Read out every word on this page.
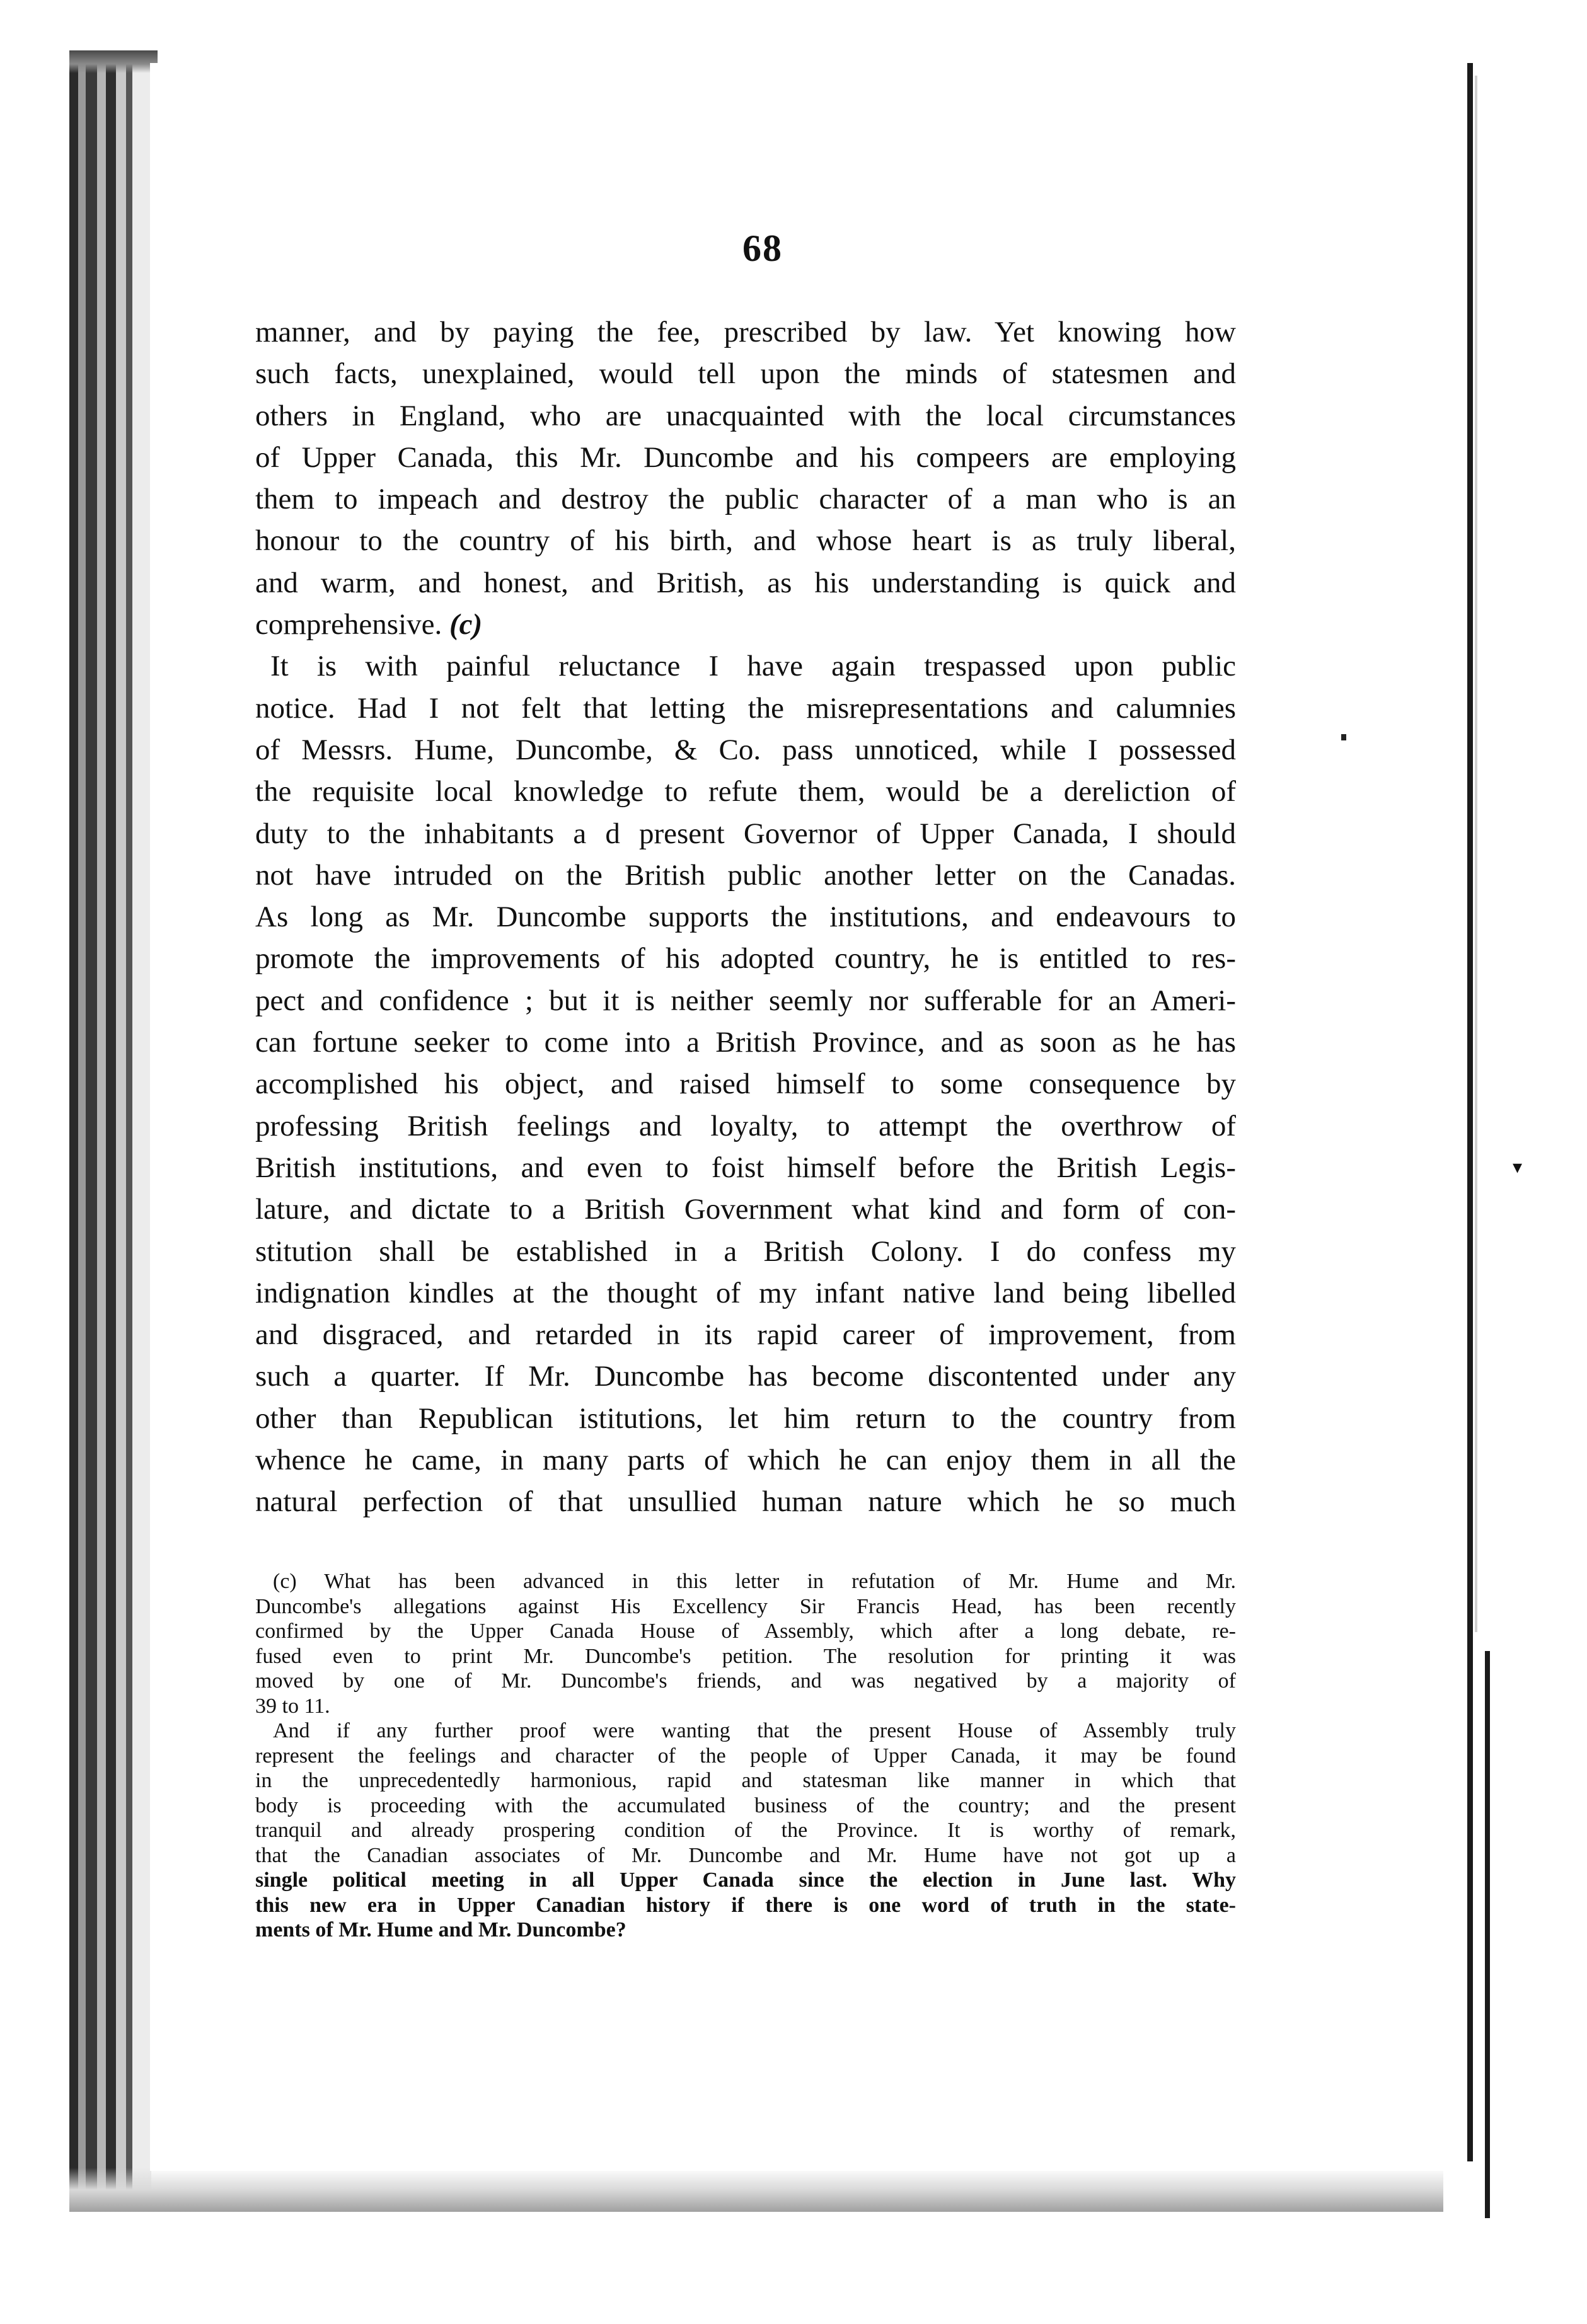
▾
68
manner, and by paying the fee, prescribed by law. Yet knowing how
such facts, unexplained, would tell upon the minds of statesmen and
others in England, who are unacquainted with the local circumstances
of Upper Canada, this Mr. Duncombe and his compeers are employing
them to impeach and destroy the public character of a man who is an
honour to the country of his birth, and whose heart is as truly liberal,
and warm, and honest, and British, as his understanding is quick and
comprehensive. (c)
It is with painful reluctance I have again trespassed upon public
notice. Had I not felt that letting the misrepresentations and calumnies
of Messrs. Hume, Duncombe, & Co. pass unnoticed, while I possessed
the requisite local knowledge to refute them, would be a dereliction of
duty to the inhabitants a d present Governor of Upper Canada, I should
not have intruded on the British public another letter on the Canadas.
As long as Mr. Duncombe supports the institutions, and endeavours to
promote the improvements of his adopted country, he is entitled to res-
pect and confidence ; but it is neither seemly nor sufferable for an Ameri-
can fortune seeker to come into a British Province, and as soon as he has
accomplished his object, and raised himself to some consequence by
professing British feelings and loyalty, to attempt the overthrow of
British institutions, and even to foist himself before the British Legis-
lature, and dictate to a British Government what kind and form of con-
stitution shall be established in a British Colony. I do confess my
indignation kindles at the thought of my infant native land being libelled
and disgraced, and retarded in its rapid career of improvement, from
such a quarter. If Mr. Duncombe has become discontented under any
other than Republican istitutions, let him return to the country from
whence he came, in many parts of which he can enjoy them in all the
natural perfection of that unsullied human nature which he so much
(c) What has been advanced in this letter in refutation of Mr. Hume and Mr.
Duncombe's allegations against His Excellency Sir Francis Head, has been recently
confirmed by the Upper Canada House of Assembly, which after a long debate, re-
fused even to print Mr. Duncombe's petition. The resolution for printing it was
moved by one of Mr. Duncombe's friends, and was negatived by a majority of
39 to 11.
And if any further proof were wanting that the present House of Assembly truly
represent the feelings and character of the people of Upper Canada, it may be found
in the unprecedentedly harmonious, rapid and statesman like manner in which that
body is proceeding with the accumulated business of the country; and the present
tranquil and already prospering condition of the Province. It is worthy of remark,
that the Canadian associates of Mr. Duncombe and Mr. Hume have not got up a
single political meeting in all Upper Canada since the election in June last. Why
this new era in Upper Canadian history if there is one word of truth in the state-
ments of Mr. Hume and Mr. Duncombe?
